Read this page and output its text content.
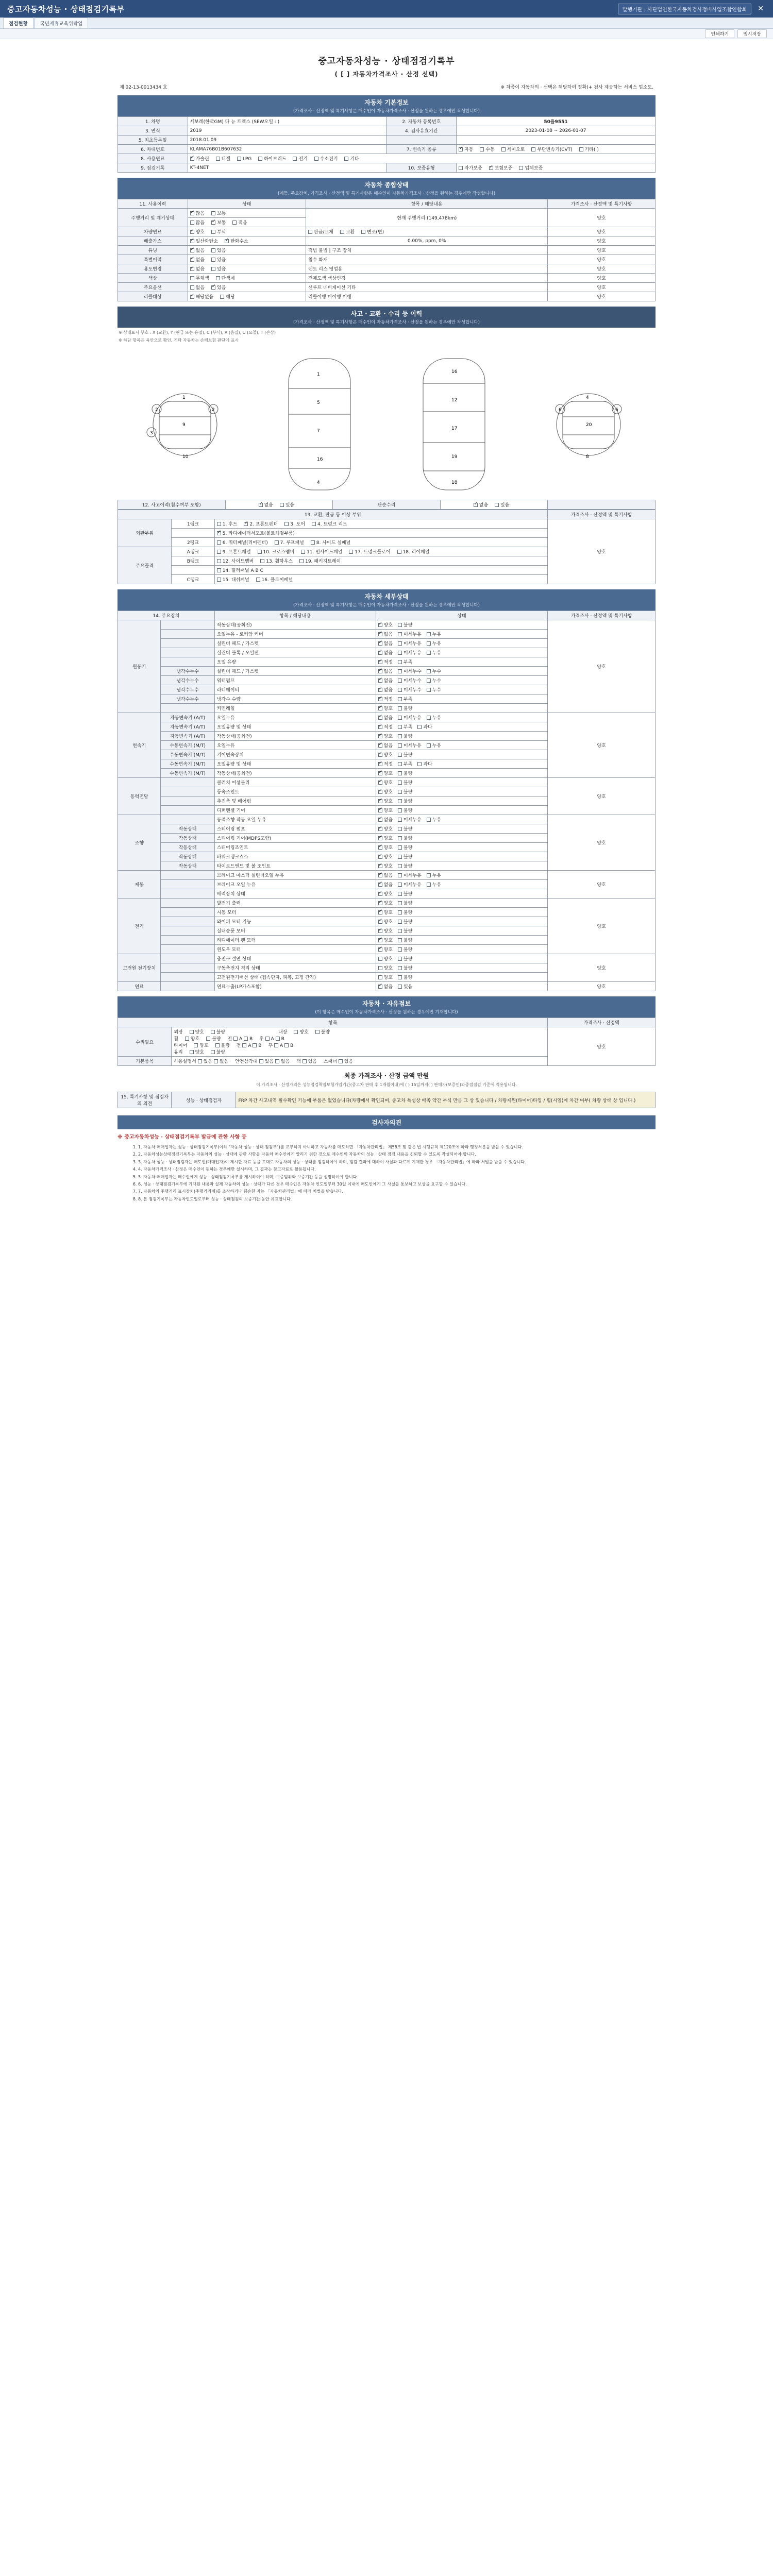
중고자동차성능 · 상태점검기록부	발행기관 : 사단법인한국자동차검사정비사업조합연합회	✕
점검현황	국민제휴교육위탁업
인쇄하기	임시저장
중고자동차성능 · 상태점검기록부
( [ ] 자동차가격조사 · 산정 선택)
제 02-13-0013434 호	※ 차종이 자동차의 · 선택은 해당하여 정확(+ 검사 제공하는 서비스 업소도.
자동차 기본정보
(가격조사 · 산정액 및 특기사항은 매수인이 자동차가격조사 · 산정을 원하는 경우에만 작성합니다)
1. 차명	세보레(한국GM) 다 뉴 트랙스 (SEW오일 : )	2. 자동차 등록번호	50을9551
3. 연식	2019	4. 검사유효기간	2023-01-08 ~ 2026-01-07
5. 최초등록일	2018.01.09		
6. 차대번호	KLAMA76B01B607632	7. 변속기 종류	✓자동 수동 세미오토 무단변속기(CVT) 기타( )
8. 사용연료	✓가솔린 디젤 LPG 하이브리드 전기 수소전기 기타
9. 점검기록	KT-4NET	10. 보증유형	자가보증 ✓ 보험보증 업체보증
자동차 종합상태
(계등, 주요장치, 가격조사 · 산정액 및 특기사항은 매수인이 자동차가격조사 · 산정을 원하는 경우에만 작성합니다)
11. 사용이력	상태	항목 / 해당내용	가격조사 · 산정액 및 특기사항
주행거리 및 계기상태	✓많음 보통	현재 주행거리 (149,478km)	양호
	많음 ✓ 보통 적음
차량연료	✓양호 부식	판금/교체 교환 변조(변)	양호
배출가스	✓일산화탄소 ✓ 탄화수소	0.00%, ppm, 0%	양호
튜닝	✓없음 있음	적법 불법 | 구조 장치	양호
특별이력	✓없음 있음	침수 화재	양호
용도변경	✓없음 있음	렌트 리스 영업용	양호
색상	무채색 단색계	전체도색 색상변경	양호
주요옵션	없음 ✓ 있음	선루프 네비게이션 기타	양호
리콜대상	✓해당없음 해당	리콜이행 미이행 이행	양호
사고 · 교환 · 수리 등 이력
(가격조사 · 산정액 및 특기사항은 매수인이 자동차가격조사 · 산정을 원하는 경우에만 작성합니다)
※ 상태표시 부호 : X (교환), Y (판금 또는 용접), C (부식), A (흠집), U (요철), T (손상)
※ 하단 항목은 육안으로 확인, 기타 자동차는 손해보험 판단에 표시
2	2
3
1
9
10
1
5
7
16
4
16
12
17
19
18
6	6
4
20
8
12. 사고이력(침수여부 포함)	✓없음	있음	단순수리	✓없음	있음	
13. 교환, 판금 등 이상 부위			가격조사 · 산정액 및 특기사항
외판부위	1랭크	1. 후드 ✓ 2. 프론트펜더 3. 도어 4. 트렁크 리드	양호
	✓5. 라디에이터서포트(볼트체결부품)
	2랭크	6. 쿼터패널(리어펜더) 7. 루프패널 8. 사이드 실패널	
주요골격	A랭크	9. 프론트패널 10. 크로스멤버 11. 인사이드패널 17. 트렁크플로어 18. 리어패널	
	B랭크	12. 사이드멤버 13. 휠하우스 19. 패키지트레이	
		14. 필러패널 A B C	
	C랭크	15. 대쉬패널 16. 플로어패널	
자동차 세부상태
(가격조사 · 산정액 및 특기사항은 매수인이 자동차가격조사 · 산정을 원하는 경우에만 작성합니다)
14. 주요장치		항목 / 해당내용	상태	가격조사 · 산정액 및 특기사항
원동기		작동상태(공회전)	✓양호 불량	양호
		오일누유 - 로커암 커버	✓없음 미세누유 누유
		실린더 헤드 / 가스켓	✓없음 미세누유 누유
		실린더 블록 / 오일팬	✓없음 미세누유 누유
		오일 유량	✓적정 부족
	냉각수누수	실린더 헤드 / 가스켓	✓없음 미세누수 누수
	냉각수누수	워터펌프	✓없음 미세누수 누수
	냉각수누수	라디에이터	✓없음 미세누수 누수
	냉각수누수	냉각수 수량	✓적정 부족
		커먼레일	✓양호 불량
변속기	자동변속기 (A/T)	오일누유	✓없음 미세누유 누유	양호
	자동변속기 (A/T)	오일유량 및 상태	✓적정 부족 과다
	자동변속기 (A/T)	작동상태(공회전)	✓양호 불량
	수동변속기 (M/T)	오일누유	✓없음 미세누유 누유
	수동변속기 (M/T)	기어변속장치	✓양호 불량
	수동변속기 (M/T)	오일유량 및 상태	✓적정 부족 과다
	수동변속기 (M/T)	작동상태(공회전)	✓양호 불량
동력전달		클러치 어셈블리	✓양호 불량	양호
		등속조인트	✓양호 불량
		추진축 및 베어링	✓양호 불량
		디퍼렌셜 기어	✓양호 불량
조향		동력조향 작동 오일 누유	✓없음 미세누유 누유	양호
	작동상태	스티어링 펌프	✓양호 불량
	작동상태	스티어링 기어(MDPS포함)	✓양호 불량
	작동상태	스티어링조인트	✓양호 불량
	작동상태	파워크랭크쇼스	✓양호 불량
	작동상태	타이로드엔드 및 볼 조인트	✓양호 불량
제동		브레이크 마스터 실린더오일 누유	✓없음 미세누유 누유	양호
		브레이크 오일 누유	✓없음 미세누유 누유
		배력장치 상태	✓양호 불량
전기		발전기 출력	✓양호 불량	양호
		시동 모터	✓양호 불량
		와이퍼 모터 기능	✓양호 불량
		실내송풍 모터	✓양호 불량
		라디에이터 팬 모터	✓양호 불량
		윈도우 모터	✓양호 불량
고전원 전기장치		충전구 절연 상태	양호 불량	양호
		구동축전지 격리 상태	양호 불량	
		고전원전기배선 상태 (접속단자, 피복, 고정 간격)	양호 불량	
연료		연료누출(LP가스포함)	✓없음 있음	양호
자동차 · 자유점보
(이 항목은 매수인이 자동차가격조사 · 산정을 원하는 경우에만 기재합니다)
항목		가격조사 · 산정액
수리필요	외장 양호 불량 내장 양호 불량
휠 양호 불량 전 A B 후 A B
타이어 양호 불량 전 A B 후 A B
유리 양호 불량	양호
기본품목	사용설명서 있음 없음 안전삼각대 있음 없음 잭 있음 스패너 있음	
최종 가격조사 · 산정 금액 만원
이 가격조사 · 산정가격은 성능점검책임보험가입기간(중고차 판매 후 1개월이내)에 ( ) 15일까지( ) 판매자(보증인)와중점점검 기준에 적용됩니다.
15. 특기사항 및 점검자의 의견	성능 · 상태점검자	FRP 차간 사고내역 필수확인 기능에 부품은 없었습니다(차량에서 확인되며, 중고차 특성상 배쪽 약간 부식 만큼 그 상 있습니다 / 차량제원(타이어)타입 / 휠(시일)에 차간 여부( 차량 상태 상 입니다.)
검사자의견
※ 중고자동차성능 · 상태점검기록부 발급에 관한 사항 등
1. 1. 자동차 매매업자는 성능 · 상태점검기록부(이하 "자동차 성능 · 상태 점검부")를 교부하지 아니하고 자동차를 매도하면 「자동차관리법」 제58조 및 같은 법 시행규칙 제120조에 따라 행정처분을 받을 수 있습니다.
2. 2. 자동차성능상태점검기록부는 자동차의 성능 · 상태에 관한 사항을 자동차 매수인에게 알리기 위한 것으로 매수인의 자동차의 성능 · 상태 점검 내용을 신뢰할 수 있도록 작성되어야 합니다.
3. 3. 자동차 성능 · 상태점검자는 매도인(매매업자)이 제시한 자료 등을 토대로 자동차의 성능 · 상태를 점검하여야 하며, 점검 결과에 대하여 사실과 다르게 기재한 경우 「자동차관리법」에 따라 처벌을 받을 수 있습니다.
4. 4. 자동차가격조사 · 산정은 매수인이 원하는 경우에만 실시하며, 그 결과는 참고자료로 활용됩니다.
5. 5. 자동차 매매업자는 매수인에게 성능 · 상태점검기록부를 제시하여야 하며, 보증범위와 보증기간 등을 설명하여야 합니다.
6. 6. 성능 · 상태점검기록부에 기재된 내용과 실제 자동차의 성능 · 상태가 다른 경우 매수인은 자동차 인도일부터 30일 이내에 매도인에게 그 사실을 통보하고 보상을 요구할 수 있습니다.
7. 7. 자동차의 주행거리 표시장치(주행거리계)를 조작하거나 훼손한 자는 「자동차관리법」에 따라 처벌을 받습니다.
8. 8. 본 점검기록부는 자동차인도일로부터 성능 · 상태점검의 보증기간 동안 유효합니다.
